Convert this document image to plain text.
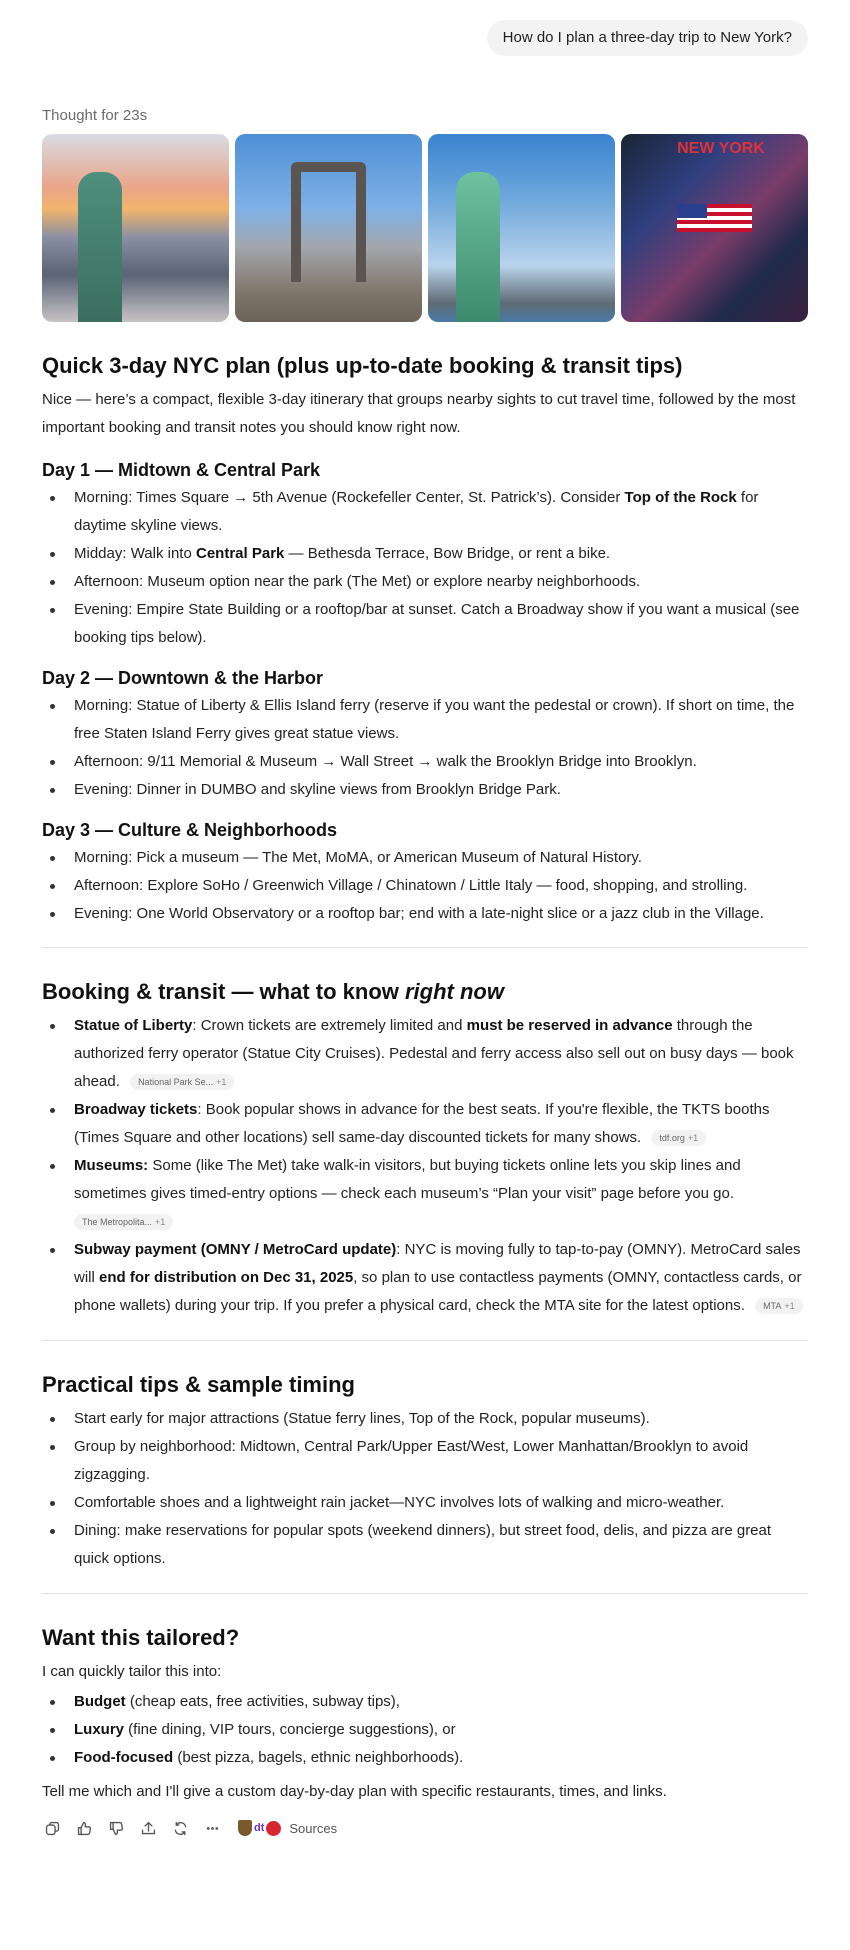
How do I plan a three-day trip to New York?
Thought for 23s
NEW YORK
Quick 3-day NYC plan (plus up-to-date booking & transit tips)

Nice — here’s a compact, flexible 3-day itinerary that groups nearby sights to cut travel time, followed by the most important booking and transit notes you should know right now.

Day 1 — Midtown & Central Park
Morning: Times Square → 5th Avenue (Rockefeller Center, St. Patrick’s). Consider Top of the Rock for daytime skyline views.
Midday: Walk into Central Park — Bethesda Terrace, Bow Bridge, or rent a bike.
Afternoon: Museum option near the park (The Met) or explore nearby neighborhoods.
Evening: Empire State Building or a rooftop/bar at sunset. Catch a Broadway show if you want a musical (see booking tips below).
Day 2 — Downtown & the Harbor
Morning: Statue of Liberty & Ellis Island ferry (reserve if you want the pedestal or crown). If short on time, the free Staten Island Ferry gives great statue views.
Afternoon: 9/11 Memorial & Museum → Wall Street → walk the Brooklyn Bridge into Brooklyn.
Evening: Dinner in DUMBO and skyline views from Brooklyn Bridge Park.
Day 3 — Culture & Neighborhoods
Morning: Pick a museum — The Met, MoMA, or American Museum of Natural History.
Afternoon: Explore SoHo / Greenwich Village / Chinatown / Little Italy — food, shopping, and strolling.
Evening: One World Observatory or a rooftop bar; end with a late-night slice or a jazz club in the Village.
Booking & transit — what to know right now
Statue of Liberty: Crown tickets are extremely limited and must be reserved in advance through the authorized ferry operator (Statue City Cruises). Pedestal and ferry access also sell out on busy days — book ahead. National Park Se... +1
Broadway tickets: Book popular shows in advance for the best seats. If you're flexible, the TKTS booths (Times Square and other locations) sell same-day discounted tickets for many shows. tdf.org +1
Museums: Some (like The Met) take walk-in visitors, but buying tickets online lets you skip lines and sometimes gives timed-entry options — check each museum’s “Plan your visit” page before you go.
The Metropolita... +1
Subway payment (OMNY / MetroCard update): NYC is moving fully to tap-to-pay (OMNY). MetroCard sales will end for distribution on Dec 31, 2025, so plan to use contactless payments (OMNY, contactless cards, or phone wallets) during your trip. If you prefer a physical card, check the MTA site for the latest options. MTA +1
Practical tips & sample timing
Start early for major attractions (Statue ferry lines, Top of the Rock, popular museums).
Group by neighborhood: Midtown, Central Park/Upper East/West, Lower Manhattan/Brooklyn to avoid zigzagging.
Comfortable shoes and a lightweight rain jacket—NYC involves lots of walking and micro-weather.
Dining: make reservations for popular spots (weekend dinners), but street food, delis, and pizza are great quick options.
Want this tailored?

I can quickly tailor this into:

Budget (cheap eats, free activities, subway tips),
Luxury (fine dining, VIP tours, concierge suggestions), or
Food-focused (best pizza, bagels, ethnic neighborhoods).

Tell me which and I'll give a custom day-by-day plan with specific restaurants, times, and links.

dt Sources
